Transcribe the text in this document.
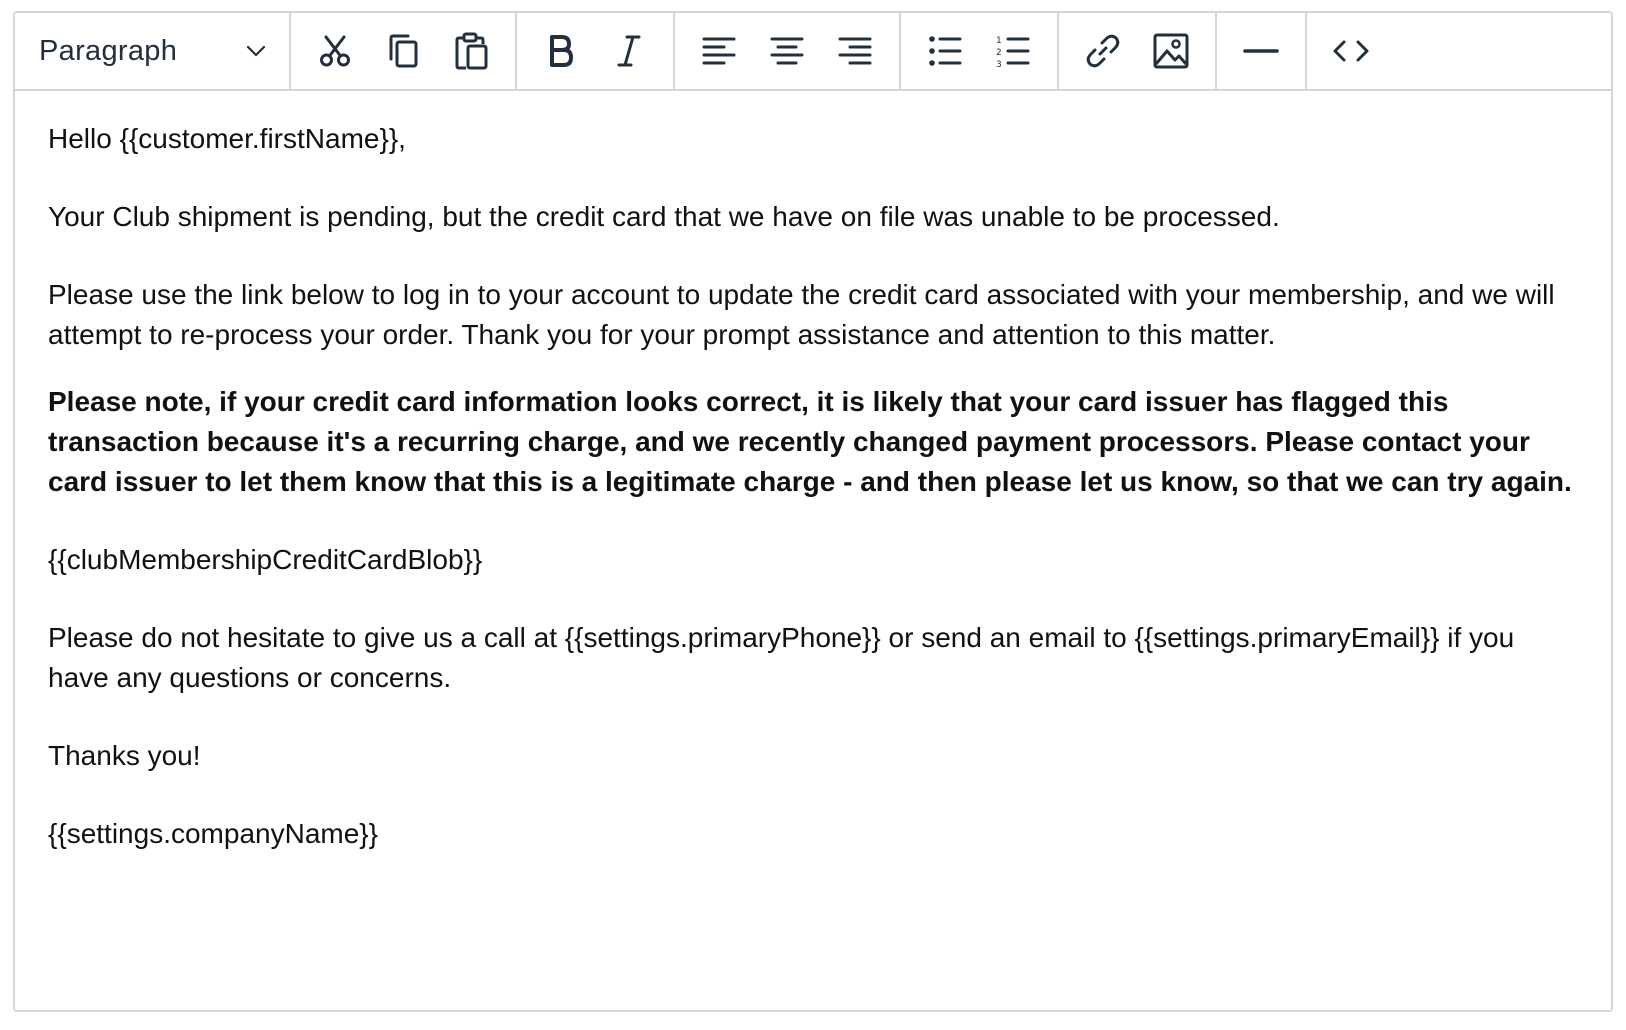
Paragraph	1
2
3

Hello {{customer.firstName}},

Your Club shipment is pending, but the credit card that we have on file was unable to be processed.

Please use the link below to log in to your account to update the credit card associated with your membership, and we will attempt to re-process your order. Thank you for your prompt assistance and attention to this matter.

Please note, if your credit card information looks correct, it is likely that your card issuer has flagged this transaction because it's a recurring charge, and we recently changed payment processors. Please contact your card issuer to let them know that this is a legitimate charge - and then please let us know, so that we can try again.

{{clubMembershipCreditCardBlob}}

Please do not hesitate to give us a call at {{settings.primaryPhone}} or send an email to {{settings.primaryEmail}} if you have any questions or concerns.

Thanks you!

{{settings.companyName}}
